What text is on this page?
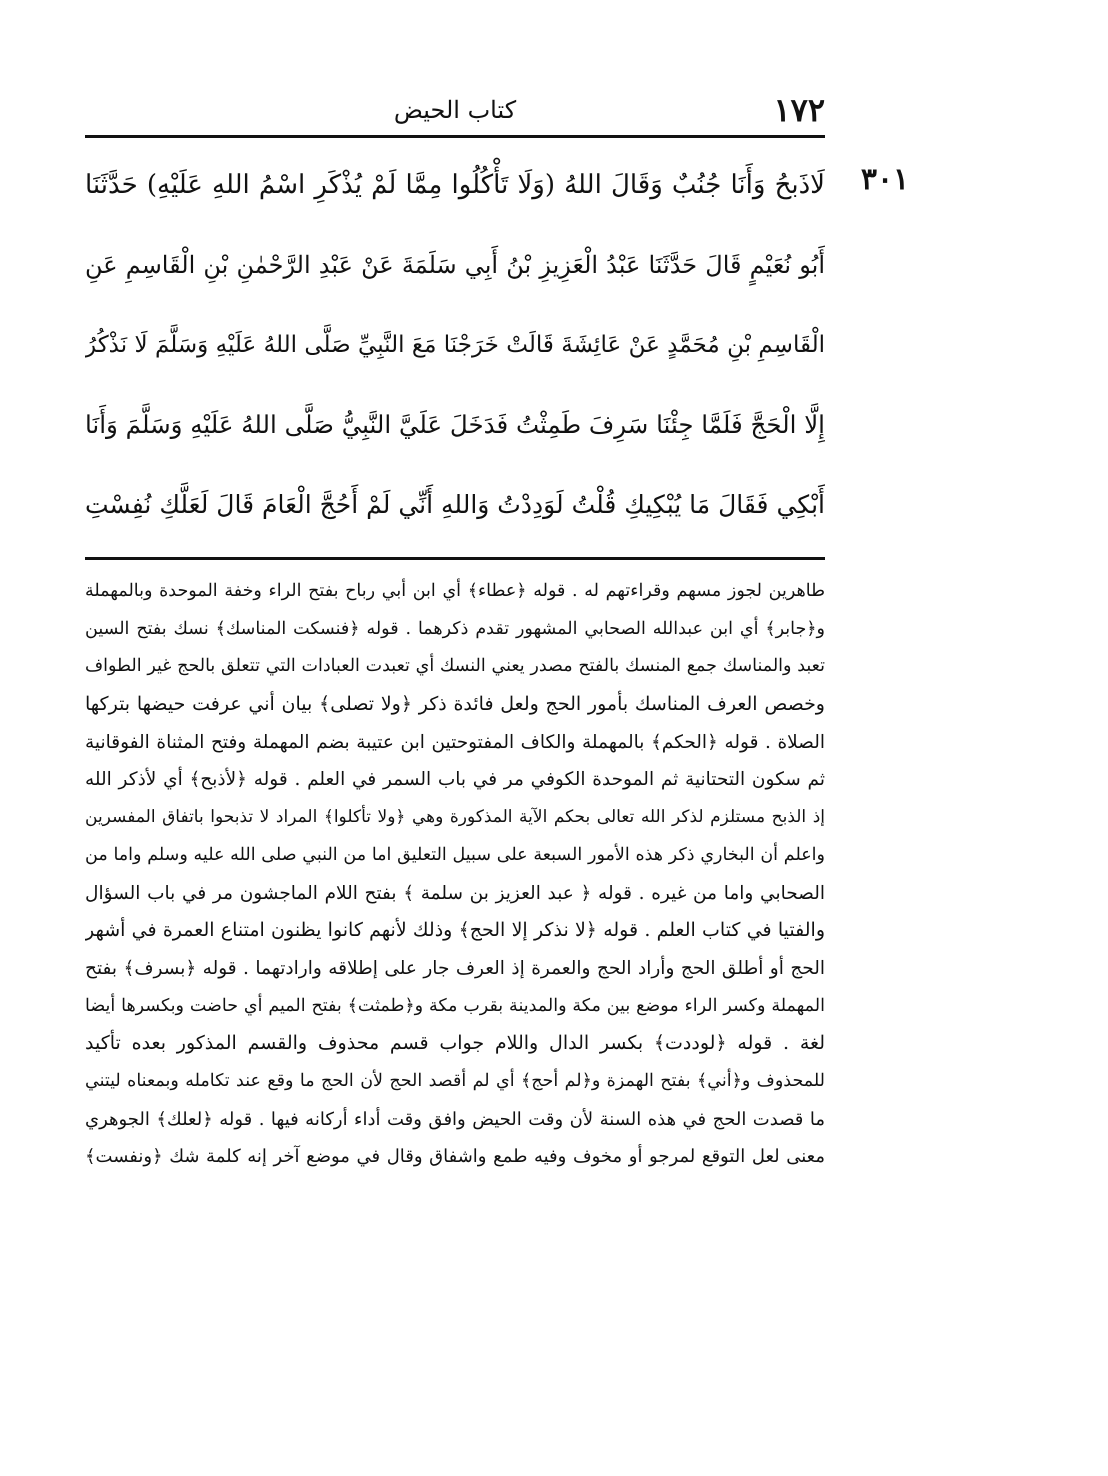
١٧٢
كتاب الحيض
٣٠١
لَاذَبحُ وَأَنَا جُنُبٌ وَقَالَ اللهُ (وَلَا تَأْكُلُوا مِمَّا لَمْ يُذْكَرِ اسْمُ اللهِ عَلَيْهِ) حَدَّثَنَا
أَبُو نُعَيْمٍ قَالَ حَدَّثَنَا عَبْدُ الْعَزِيزِ بْنُ أَبِي سَلَمَةَ عَنْ عَبْدِ الرَّحْمٰنِ بْنِ الْقَاسِمِ عَنِ
الْقَاسِمِ بْنِ مُحَمَّدٍ عَنْ عَائِشَةَ قَالَتْ خَرَجْنَا مَعَ النَّبِيِّ صَلَّى اللهُ عَلَيْهِ وَسَلَّمَ لَا نَذْكُرُ
إِلَّا الْحَجَّ فَلَمَّا جِئْنَا سَرِفَ طَمِثْتُ فَدَخَلَ عَلَيَّ النَّبِيُّ صَلَّى اللهُ عَلَيْهِ وَسَلَّمَ وَأَنَا
أَبْكِي فَقَالَ مَا يُبْكِيكِ قُلْتُ لَوَدِدْتُ وَاللهِ أَنِّي لَمْ أَحُجَّ الْعَامَ قَالَ لَعَلَّكِ نُفِسْتِ
طاهرين لجوز مسهم وقراءتهم له . قوله ﴿عطاء﴾ أي ابن أبي رباح بفتح الراء وخفة الموحدة وبالمهملة
و﴿جابر﴾ أي ابن عبدالله الصحابي المشهور تقدم ذكرهما . قوله ﴿فنسكت المناسك﴾ نسك بفتح السين
تعبد والمناسك جمع المنسك بالفتح مصدر يعني النسك أي تعبدت العبادات التي تتعلق بالحج غير الطواف
وخصص العرف المناسك بأمور الحج ولعل فائدة ذكر ﴿ولا تصلى﴾ بيان أني عرفت حيضها بتركها
الصلاة . قوله ﴿الحكم﴾ بالمهملة والكاف المفتوحتين ابن عتيبة بضم المهملة وفتح المثناة الفوقانية
ثم سكون التحتانية ثم الموحدة الكوفي مر في باب السمر في العلم . قوله ﴿لأذبح﴾ أي لأذكر الله
إذ الذبح مستلزم لذكر الله تعالى بحكم الآية المذكورة وهي ﴿ولا تأكلوا﴾ المراد لا تذبحوا باتفاق المفسرين
واعلم أن البخاري ذكر هذه الأمور السبعة على سبيل التعليق اما من النبي صلى الله عليه وسلم واما من
الصحابي واما من غيره . قوله ﴿ عبد العزيز بن سلمة ﴾ بفتح اللام الماجشون مر في باب السؤال
والفتيا في كتاب العلم . قوله ﴿لا نذكر إلا الحج﴾ وذلك لأنهم كانوا يظنون امتناع العمرة في أشهر
الحج أو أطلق الحج وأراد الحج والعمرة إذ العرف جار على إطلاقه وارادتهما . قوله ﴿بسرف﴾ بفتح
المهملة وكسر الراء موضع بين مكة والمدينة بقرب مكة و﴿طمثت﴾ بفتح الميم أي حاضت وبكسرها أيضا
لغة . قوله ﴿لوددت﴾ بكسر الدال واللام جواب قسم محذوف والقسم المذكور بعده تأكيد
للمحذوف و﴿أني﴾ بفتح الهمزة و﴿لم أحج﴾ أي لم أقصد الحج لأن الحج ما وقع عند تكامله وبمعناه ليتني
ما قصدت الحج في هذه السنة لأن وقت الحيض وافق وقت أداء أركانه فيها . قوله ﴿لعلك﴾ الجوهري
معنى لعل التوقع لمرجو أو مخوف وفيه طمع واشفاق وقال في موضع آخر إنه كلمة شك ﴿ونفست﴾
